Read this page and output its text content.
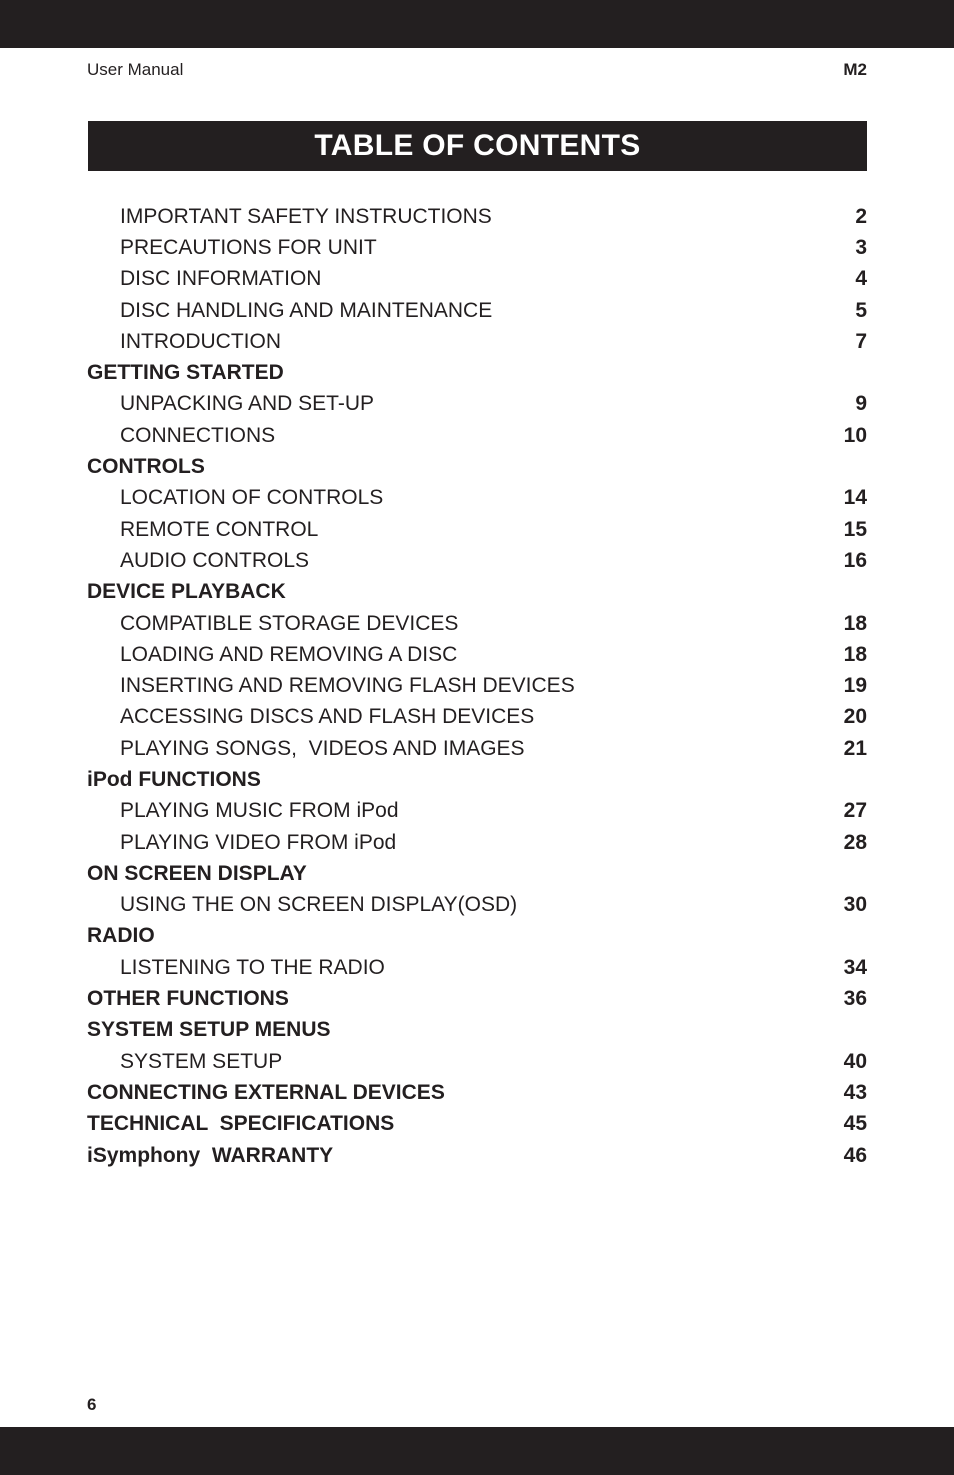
User Manual	M2
TABLE OF CONTENTS
IMPORTANT SAFETY INSTRUCTIONS	2
PRECAUTIONS FOR UNIT	3
DISC INFORMATION	4
DISC HANDLING AND MAINTENANCE	5
INTRODUCTION	7
GETTING STARTED
UNPACKING AND SET-UP	9
CONNECTIONS	10
CONTROLS
LOCATION OF CONTROLS	14
REMOTE CONTROL	15
AUDIO CONTROLS	16
DEVICE PLAYBACK
COMPATIBLE STORAGE DEVICES	18
LOADING AND REMOVING A DISC	18
INSERTING AND REMOVING FLASH DEVICES	19
ACCESSING DISCS AND FLASH DEVICES	20
PLAYING SONGS,  VIDEOS AND IMAGES	21
iPod FUNCTIONS
PLAYING MUSIC FROM iPod	27
PLAYING VIDEO FROM iPod	28
ON SCREEN DISPLAY
USING THE ON SCREEN DISPLAY(OSD)	30
RADIO
LISTENING TO THE RADIO	34
OTHER FUNCTIONS	36
SYSTEM SETUP MENUS
SYSTEM SETUP	40
CONNECTING EXTERNAL DEVICES	43
TECHNICAL  SPECIFICATIONS	45
iSymphony  WARRANTY	46
6
